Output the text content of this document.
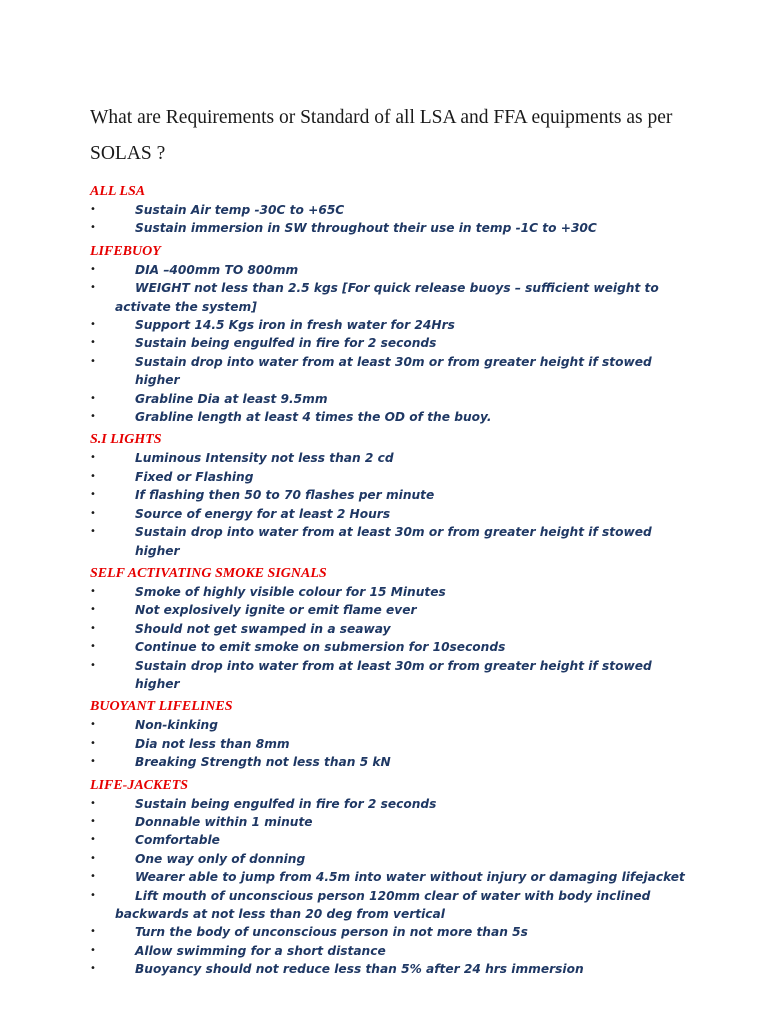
What are Requirements or Standard of all LSA and FFA equipments as per SOLAS ?
ALL LSA
•	Sustain Air temp -30C to +65C
•	Sustain immersion in SW throughout their use in temp -1C to +30C
LIFEBUOY
•	DIA –400mm TO 800mm
•	WEIGHT not less than 2.5 kgs [For quick release buoys – sufficient weight to activate the system]
•	Support 14.5 Kgs iron in fresh water for 24Hrs
•	Sustain being engulfed in fire for 2 seconds
•	Sustain drop into water from at least 30m or from greater height if stowed higher
•	Grabline Dia at least 9.5mm
•	Grabline length at least 4 times the OD of the buoy.
S.I LIGHTS
•	Luminous Intensity not less than 2 cd
•	Fixed or Flashing
•	If flashing then 50 to 70 flashes per minute
•	Source of energy for at least 2 Hours
•	Sustain drop into water from at least 30m or from greater height if stowed higher
SELF ACTIVATING SMOKE SIGNALS
•	Smoke of highly visible colour for 15 Minutes
•	Not explosively ignite or emit flame ever
•	Should not get swamped in a seaway
•	Continue to emit smoke on submersion for 10seconds
•	Sustain drop into water from at least 30m or from greater height if stowed higher
BUOYANT LIFELINES
•	Non-kinking
•	Dia not less than 8mm
•	Breaking Strength not less than 5 kN
LIFE-JACKETS
•	Sustain being engulfed in fire for 2 seconds
•	Donnable within 1 minute
•	Comfortable
•	One way only of donning
•	Wearer able to jump from 4.5m into water without injury or damaging lifejacket
•	Lift mouth of unconscious person 120mm clear of water with body inclined backwards at not less than 20 deg from vertical
•	Turn the body of unconscious person in not more than 5s
•	Allow swimming for a short distance
•	Buoyancy should not reduce less than 5% after 24 hrs immersion
